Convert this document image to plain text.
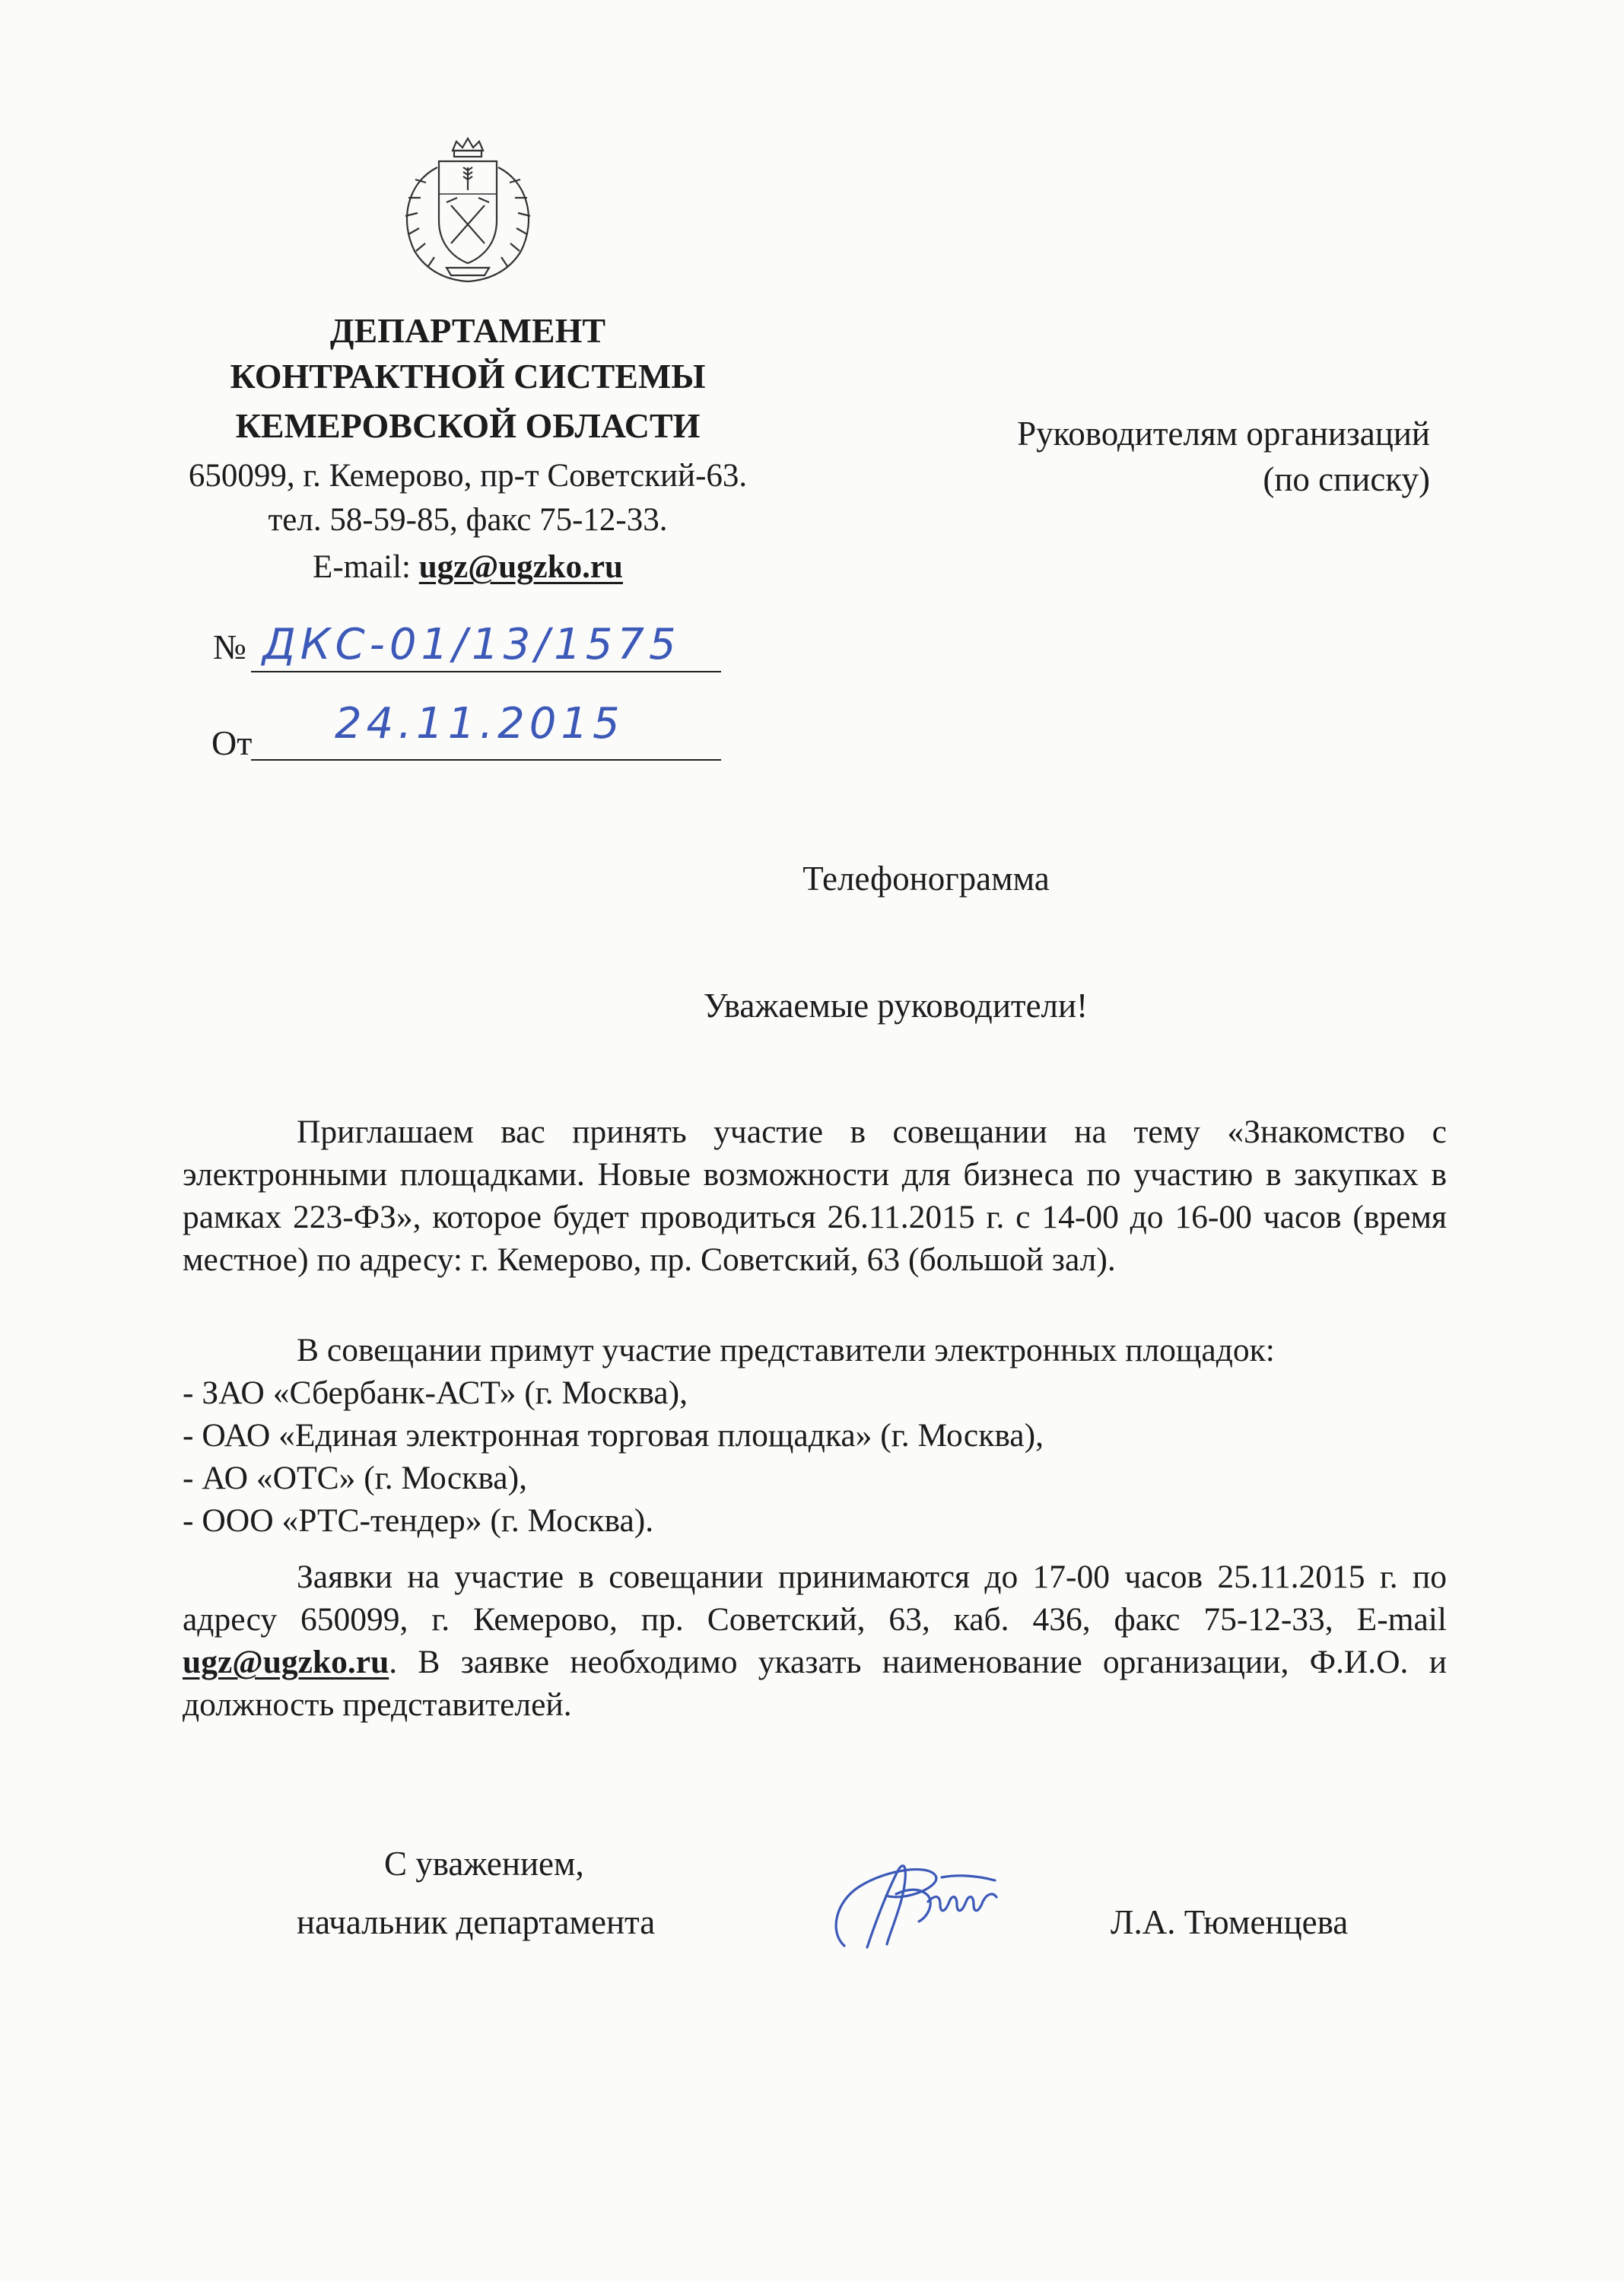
ДЕПАРТАМЕНТ
КОНТРАКТНОЙ СИСТЕМЫ
КЕМЕРОВСКОЙ ОБЛАСТИ
650099, г. Кемерово, пр-т Советский-63.
тел. 58-59-85, факс 75-12-33.
E-mail: ugz@ugzko.ru
Руководителям организаций
(по списку)
№ ДКС-01/13/1575
От 24.11.2015
Телефонограмма
Уважаемые руководители!

Приглашаем вас принять участие в совещании на тему «Знакомство с электронными площадками. Новые возможности для бизнеса по участию в закупках в рамках 223-ФЗ», которое будет проводиться 26.11.2015 г. с 14-00 до 16-00 часов (время местное) по адресу: г. Кемерово, пр. Советский, 63 (большой зал).

В совещании примут участие представители электронных площадок:

- ЗАО «Сбербанк-АСТ» (г. Москва),

- ОАО «Единая электронная торговая площадка» (г. Москва),

- АО «ОТС» (г. Москва),

- ООО «РТС-тендер» (г. Москва).

Заявки на участие в совещании принимаются до 17-00 часов 25.11.2015 г. по адресу 650099, г. Кемерово, пр. Советский, 63, каб. 436, факс 75-12-33, E-mail ugz@ugzko.ru. В заявке необходимо указать наименование организации, Ф.И.О. и должность представителей.

С уважением,
начальник департамента	Л.А. Тюменцева
